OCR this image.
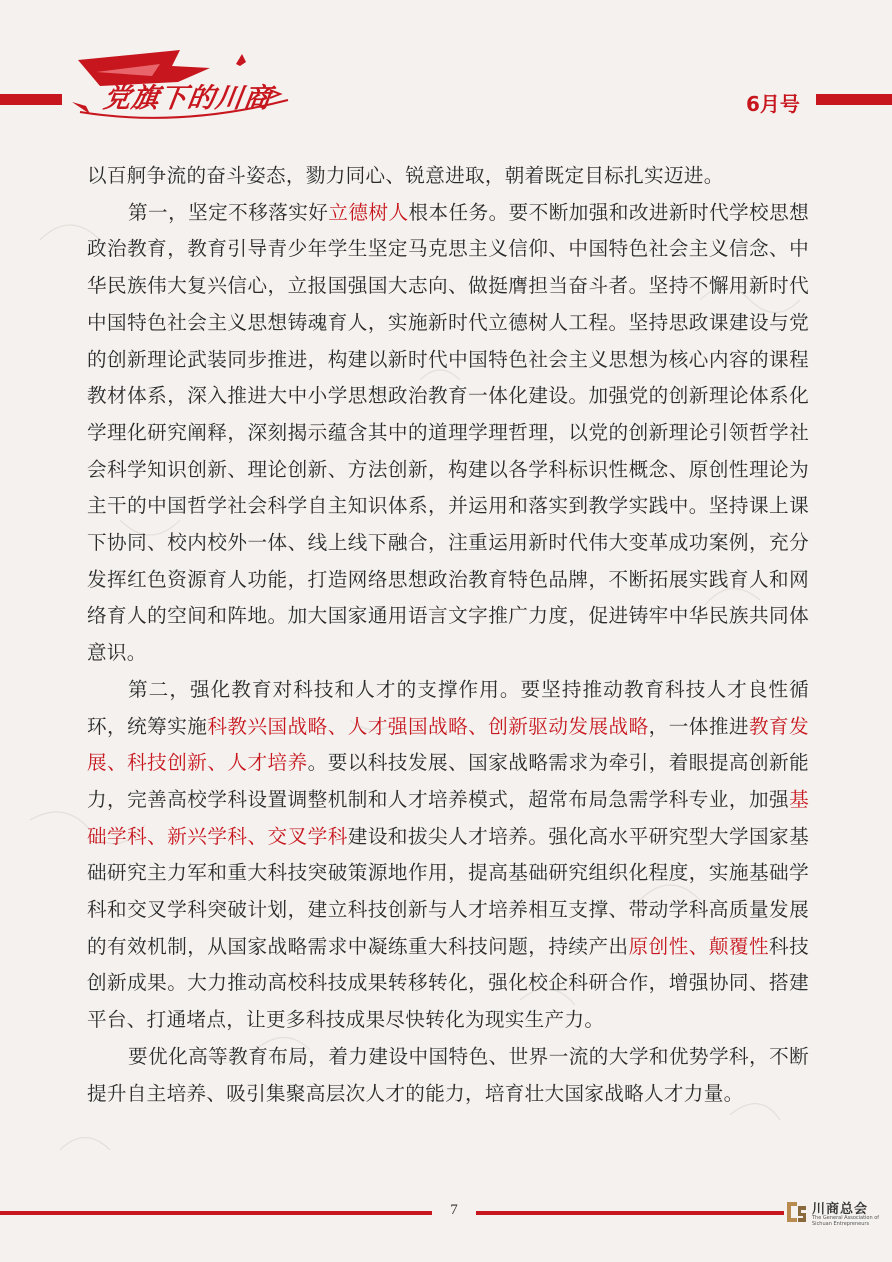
党旗下的川商	6月号

以百舸争流的奋斗姿态，勠力同心、锐意进取，朝着既定目标扎实迈进。

第一，坚定不移落实好立德树人根本任务。要不断加强和改进新时代学校思想政治教育，教育引导青少年学生坚定马克思主义信仰、中国特色社会主义信念、中华民族伟大复兴信心，立报国强国大志向、做挺膺担当奋斗者。坚持不懈用新时代中国特色社会主义思想铸魂育人，实施新时代立德树人工程。坚持思政课建设与党的创新理论武装同步推进，构建以新时代中国特色社会主义思想为核心内容的课程教材体系，深入推进大中小学思想政治教育一体化建设。加强党的创新理论体系化学理化研究阐释，深刻揭示蕴含其中的道理学理哲理，以党的创新理论引领哲学社会科学知识创新、理论创新、方法创新，构建以各学科标识性概念、原创性理论为主干的中国哲学社会科学自主知识体系，并运用和落实到教学实践中。坚持课上课下协同、校内校外一体、线上线下融合，注重运用新时代伟大变革成功案例，充分发挥红色资源育人功能，打造网络思想政治教育特色品牌，不断拓展实践育人和网络育人的空间和阵地。加大国家通用语言文字推广力度，促进铸牢中华民族共同体意识。

第二，强化教育对科技和人才的支撑作用。要坚持推动教育科技人才良性循环，统筹实施科教兴国战略、人才强国战略、创新驱动发展战略，一体推进教育发展、科技创新、人才培养。要以科技发展、国家战略需求为牵引，着眼提高创新能力，完善高校学科设置调整机制和人才培养模式，超常布局急需学科专业，加强基础学科、新兴学科、交叉学科建设和拔尖人才培养。强化高水平研究型大学国家基础研究主力军和重大科技突破策源地作用，提高基础研究组织化程度，实施基础学科和交叉学科突破计划，建立科技创新与人才培养相互支撑、带动学科高质量发展的有效机制，从国家战略需求中凝练重大科技问题，持续产出原创性、颠覆性科技创新成果。大力推动高校科技成果转移转化，强化校企科研合作，增强协同、搭建平台、打通堵点，让更多科技成果尽快转化为现实生产力。

要优化高等教育布局，着力建设中国特色、世界一流的大学和优势学科，不断提升自主培养、吸引集聚高层次人才的能力，培育壮大国家战略人才力量。

7	川商总会
The General Association of Sichuan Entrepreneurs
